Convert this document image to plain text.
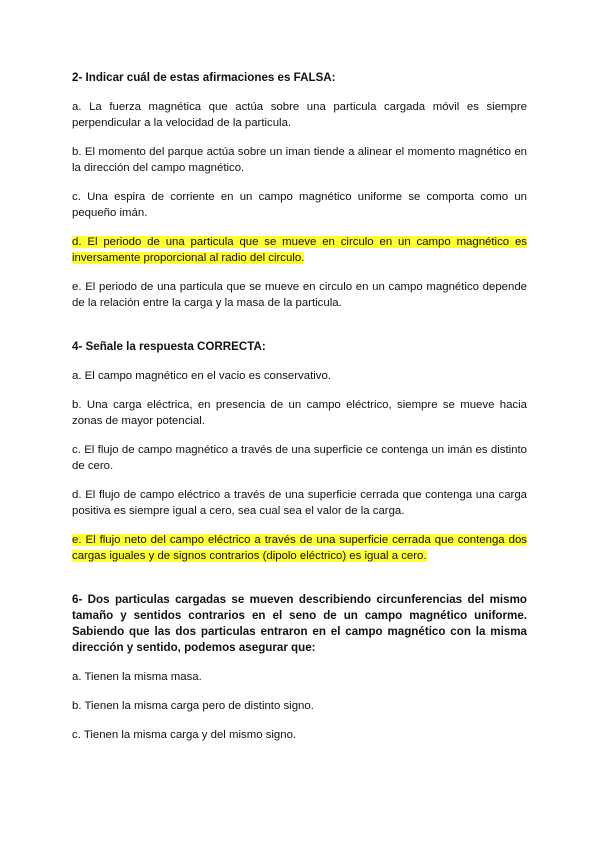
2- Indicar cuál de estas afirmaciones es FALSA:

a. La fuerza magnética que actúa sobre una particula cargada móvil es siempre perpendicular a la velocidad de la particula.

b. El momento del parque actúa sobre un iman tiende a alinear el momento magnético en la dirección del campo magnético.

c. Una espira de corriente en un campo magnético uniforme se comporta como un pequeño imán.

d. El periodo de una particula que se mueve en circulo en un campo magnético es inversamente proporcional al radio del circulo.

e. El periodo de una particula que se mueve en circulo en un campo magnético depende de la relación entre la carga y la masa de la particula.

4- Señale la respuesta CORRECTA:

a. El campo magnético en el vacio es conservativo.

b. Una carga eléctrica, en presencia de un campo eléctrico, siempre se mueve hacia zonas de mayor potencial.

c. El flujo de campo magnético a través de una superficie ce contenga un imán es distinto de cero.

d. El flujo de campo eléctrico a través de una superficie cerrada que contenga una carga positiva es siempre igual a cero, sea cual sea el valor de la carga.

e. El flujo neto del campo eléctrico a través de una superficie cerrada que contenga dos cargas iguales y de signos contrarios (dipolo eléctrico) es igual a cero.

6- Dos particulas cargadas se mueven describiendo circunferencias del mismo tamaño y sentidos contrarios en el seno de un campo magnético uniforme. Sabiendo que las dos particulas entraron en el campo magnético con la misma dirección y sentido, podemos asegurar que:

a. Tienen la misma masa.

b. Tienen la misma carga pero de distinto signo.

c. Tienen la misma carga y del mismo signo.
